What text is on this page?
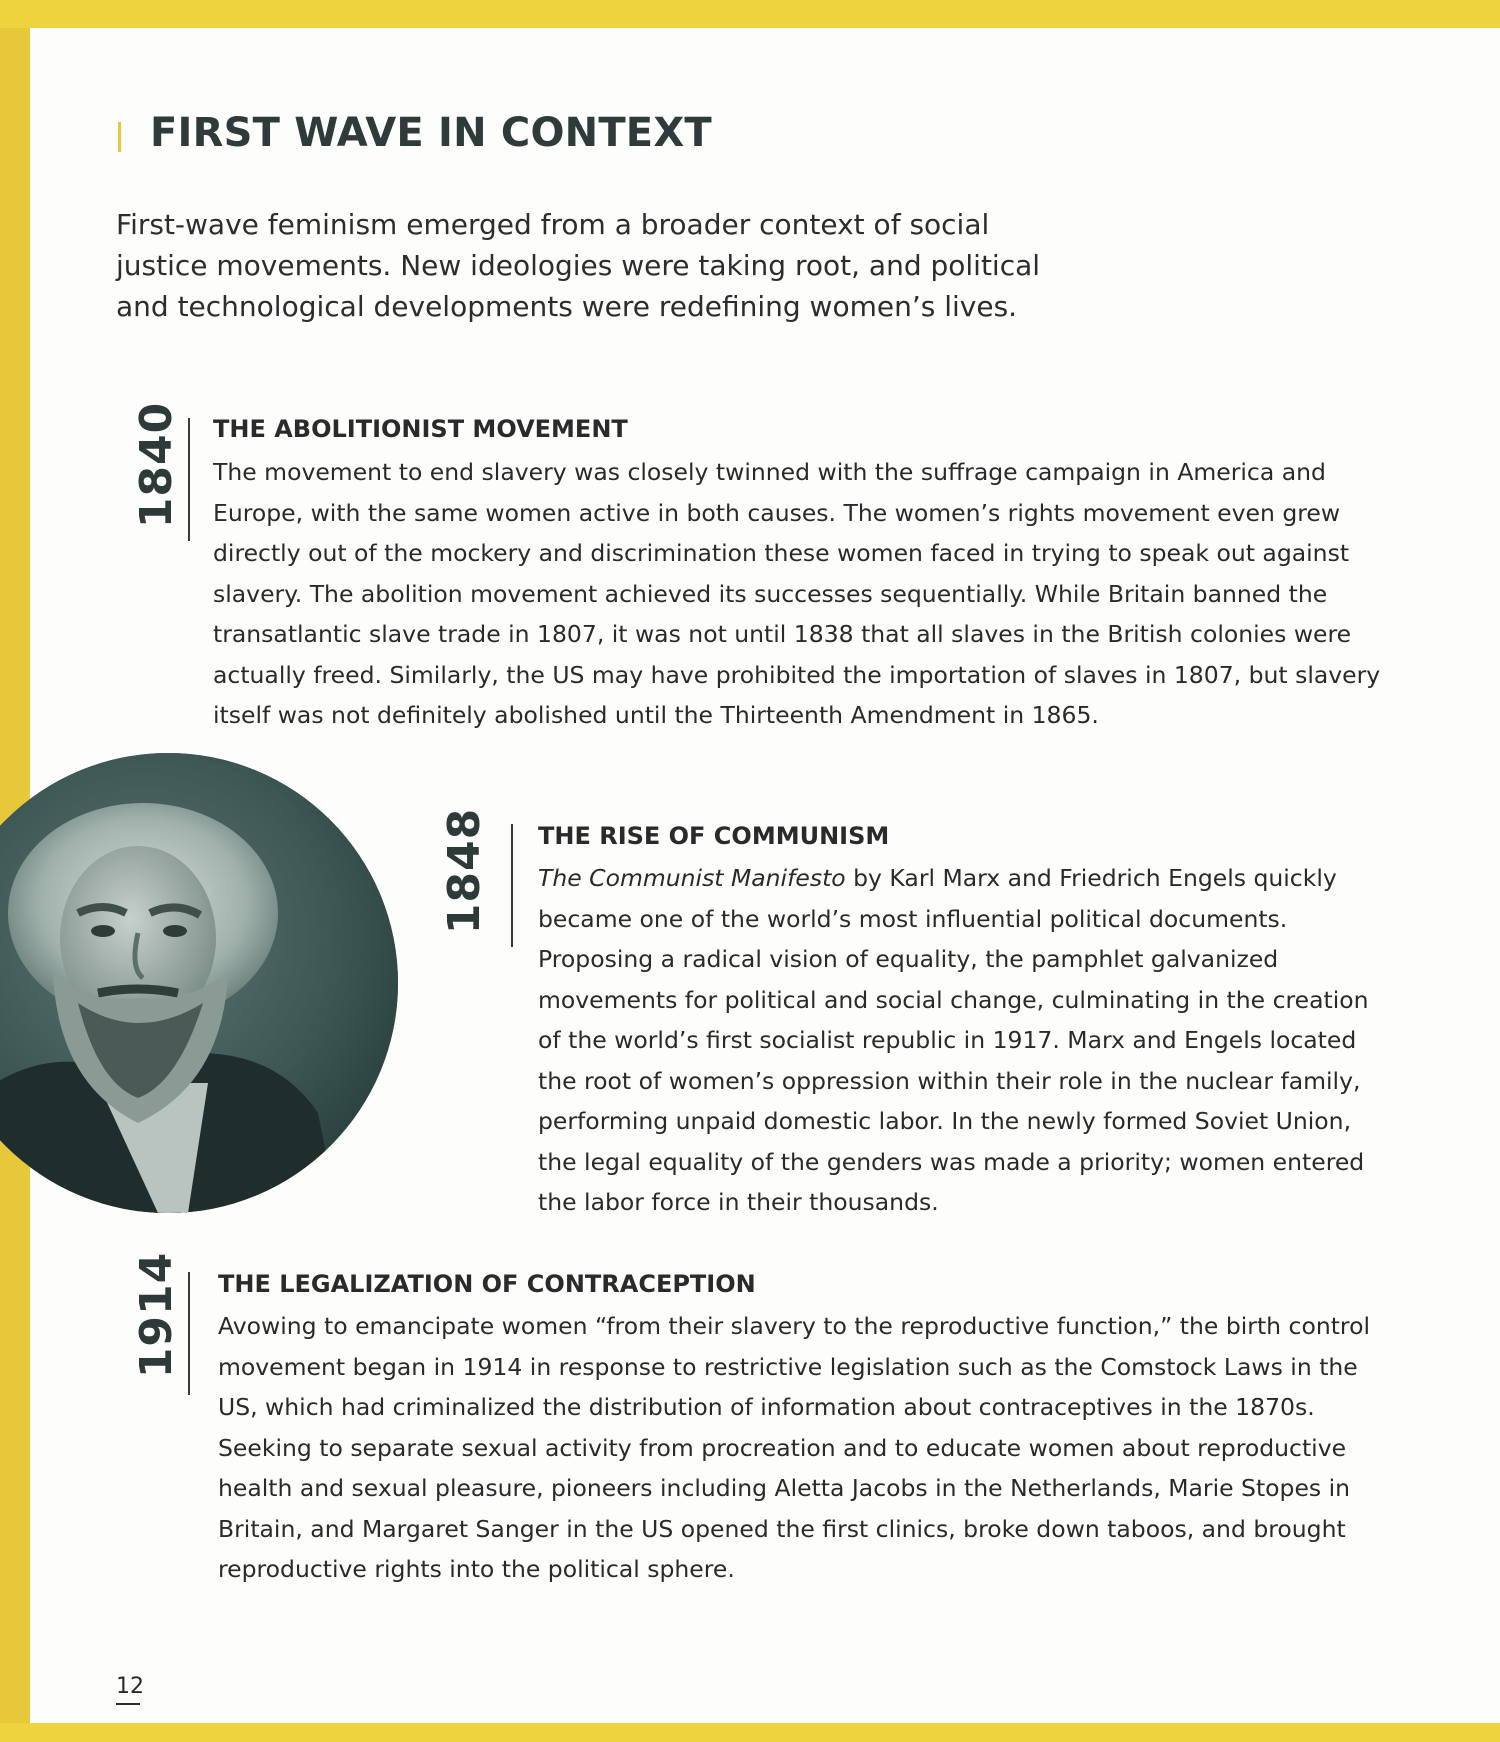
FIRST WAVE IN CONTEXT

First-wave feminism emerged from a broader context of social justice movements. New ideologies were taking root, and political and technological developments were redefining women’s lives.

1840 THE ABOLITIONIST MOVEMENT

The movement to end slavery was closely twinned with the suffrage campaign in America and Europe, with the same women active in both causes. The women’s rights movement even grew directly out of the mockery and discrimination these women faced in trying to speak out against slavery. The abolition movement achieved its successes sequentially. While Britain banned the transatlantic slave trade in 1807, it was not until 1838 that all slaves in the British colonies were actually freed. Similarly, the US may have prohibited the importation of slaves in 1807, but slavery itself was not definitely abolished until the Thirteenth Amendment in 1865.

1848 THE RISE OF COMMUNISM

The Communist Manifesto by Karl Marx and Friedrich Engels quickly became one of the world’s most influential political documents. Proposing a radical vision of equality, the pamphlet galvanized movements for political and social change, culminating in the creation of the world’s first socialist republic in 1917. Marx and Engels located the root of women’s oppression within their role in the nuclear family, performing unpaid domestic labor. In the newly formed Soviet Union, the legal equality of the genders was made a priority; women entered the labor force in their thousands.

1914 THE LEGALIZATION OF CONTRACEPTION

Avowing to emancipate women “from their slavery to the reproductive function,” the birth control movement began in 1914 in response to restrictive legislation such as the Comstock Laws in the US, which had criminalized the distribution of information about contraceptives in the 1870s. Seeking to separate sexual activity from procreation and to educate women about reproductive health and sexual pleasure, pioneers including Aletta Jacobs in the Netherlands, Marie Stopes in Britain, and Margaret Sanger in the US opened the first clinics, broke down taboos, and brought reproductive rights into the political sphere.

12
